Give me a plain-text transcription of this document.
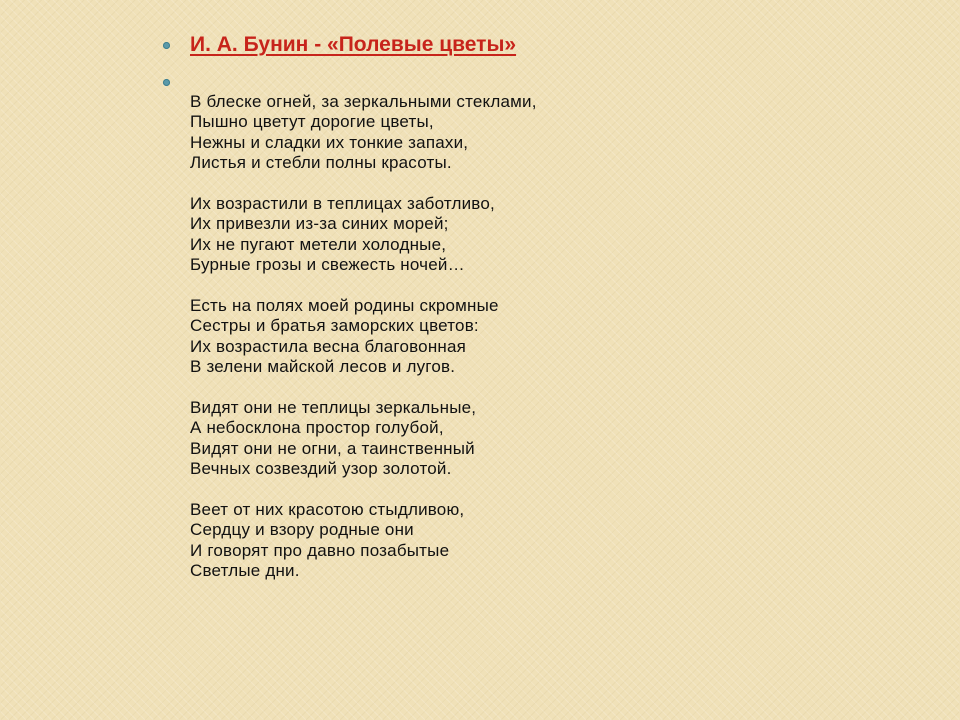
И. А. Бунин - «Полевые цветы»
В блеске огней, за зеркальными стеклами,
Пышно цветут дорогие цветы,
Нежны и сладки их тонкие запахи,
Листья и стебли полны красоты.
Их возрастили в теплицах заботливо,
Их привезли из-за синих морей;
Их не пугают метели холодные,
Бурные грозы и свежесть ночей…
Есть на полях моей родины скромные
Сестры и братья заморских цветов:
Их возрастила весна благовонная
В зелени майской лесов и лугов.
Видят они не теплицы зеркальные,
А небосклона простор голубой,
Видят они не огни, а таинственный
Вечных созвездий узор золотой.
Веет от них красотою стыдливою,
Сердцу и взору родные они
И говорят про давно позабытые
Светлые дни.
